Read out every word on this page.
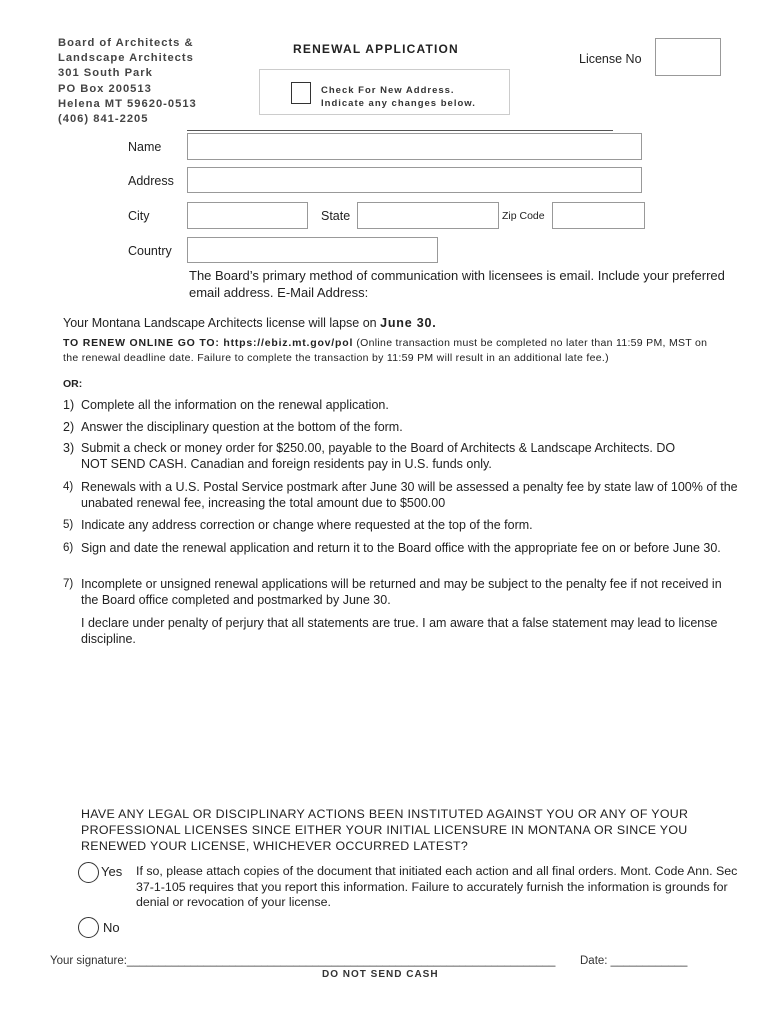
Board of Architects &
Landscape Architects
301 South Park
PO Box 200513
Helena MT 59620-0513
(406) 841-2205
RENEWAL APPLICATION
License No
Check For New Address.
Indicate any changes below.
Name
Address
City	State	Zip Code
Country
The Board’s primary method of communication with licensees is email. Include your preferred email address. E-Mail Address:
Your Montana Landscape Architects license will lapse on June 30.
TO RENEW ONLINE GO TO: https://ebiz.mt.gov/pol (Online transaction must be completed no later than 11:59 PM, MST on the renewal deadline date. Failure to complete the transaction by 11:59 PM will result in an additional late fee.)
OR:
1) Complete all the information on the renewal application.
2) Answer the disciplinary question at the bottom of the form.
3) Submit a check or money order for $250.00, payable to the Board of Architects & Landscape Architects. DO NOT SEND CASH. Canadian and foreign residents pay in U.S. funds only.
4) Renewals with a U.S. Postal Service postmark after June 30 will be assessed a penalty fee by state law of 100% of the unabated renewal fee, increasing the total amount due to $500.00
5) Indicate any address correction or change where requested at the top of the form.
6) Sign and date the renewal application and return it to the Board office with the appropriate fee on or before June 30.
7) Incomplete or unsigned renewal applications will be returned and may be subject to the penalty fee if not received in the Board office completed and postmarked by June 30.
I declare under penalty of perjury that all statements are true. I am aware that a false statement may lead to license discipline.
HAVE ANY LEGAL OR DISCIPLINARY ACTIONS BEEN INSTITUTED AGAINST YOU OR ANY OF YOUR PROFESSIONAL LICENSES SINCE EITHER YOUR INITIAL LICENSURE IN MONTANA OR SINCE YOU RENEWED YOUR LICENSE, WHICHEVER OCCURRED LATEST?
Yes If so, please attach copies of the document that initiated each action and all final orders. Mont. Code Ann. Sec 37-1-105 requires that you report this information. Failure to accurately furnish the information is grounds for denial or revocation of your license.
No
Your signature:___________________________________________________________________ Date: ____________
DO NOT SEND CASH
